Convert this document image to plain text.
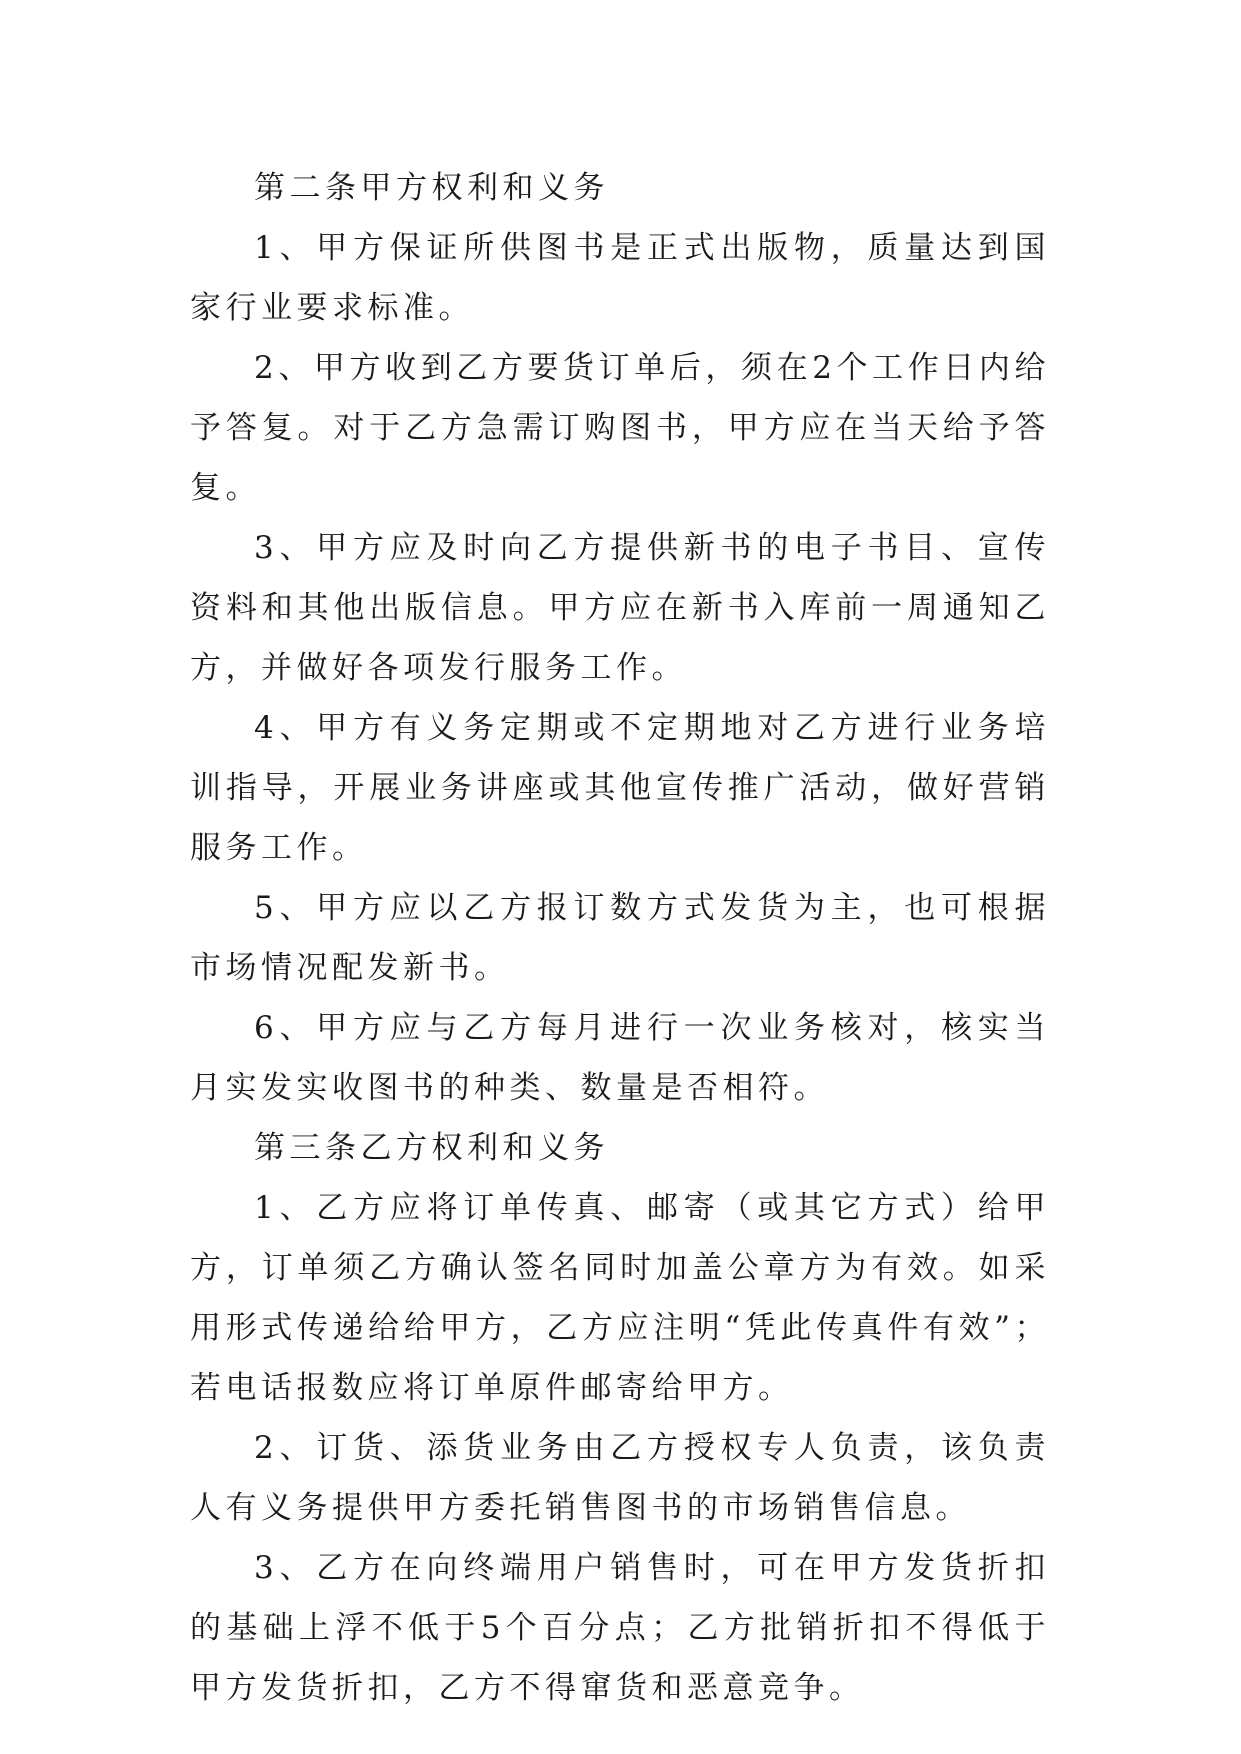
第二条甲方权利和义务

1、甲方保证所供图书是正式出版物，质量达到国家行业要求标准。

2、甲方收到乙方要货订单后，须在2个工作日内给予答复。对于乙方急需订购图书，甲方应在当天给予答复。

3、甲方应及时向乙方提供新书的电子书目、宣传资料和其他出版信息。甲方应在新书入库前一周通知乙方，并做好各项发行服务工作。

4、甲方有义务定期或不定期地对乙方进行业务培训指导，开展业务讲座或其他宣传推广活动，做好营销服务工作。

5、甲方应以乙方报订数方式发货为主，也可根据市场情况配发新书。

6、甲方应与乙方每月进行一次业务核对，核实当月实发实收图书的种类、数量是否相符。

第三条乙方权利和义务

1、乙方应将订单传真、邮寄（或其它方式）给甲方，订单须乙方确认签名同时加盖公章方为有效。如采用形式传递给给甲方，乙方应注明“凭此传真件有效”；若电话报数应将订单原件邮寄给甲方。

2、订货、添货业务由乙方授权专人负责，该负责人有义务提供甲方委托销售图书的市场销售信息。

3、乙方在向终端用户销售时，可在甲方发货折扣的基础上浮不低于5个百分点；乙方批销折扣不得低于甲方发货折扣，乙方不得窜货和恶意竞争。
